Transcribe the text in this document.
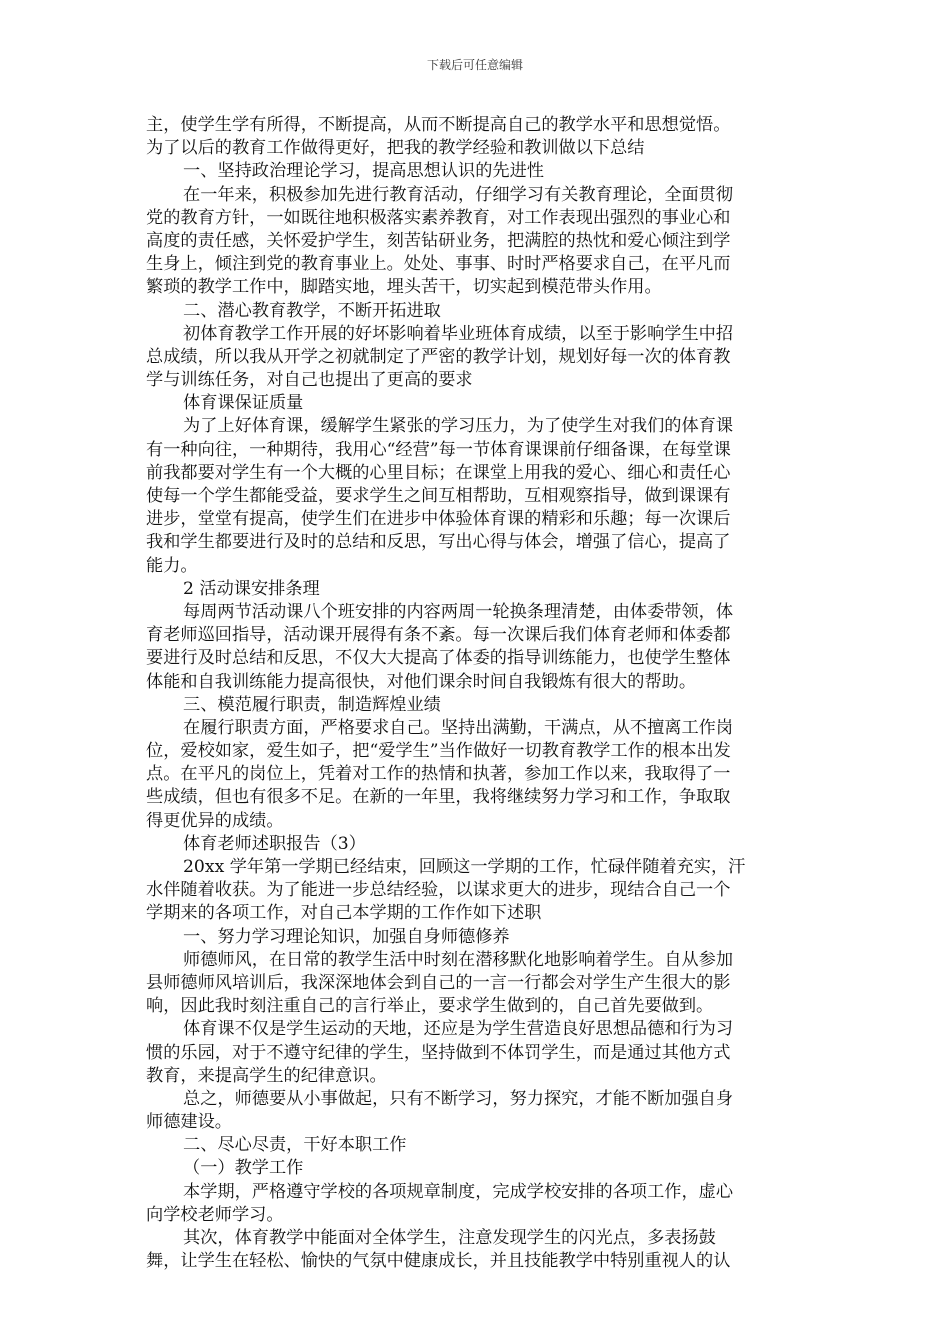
下载后可任意编辑
主，使学生学有所得，不断提高，从而不断提高自己的教学水平和思想觉悟。
为了以后的教育工作做得更好，把我的教学经验和教训做以下总结
一、坚持政治理论学习，提高思想认识的先进性
在一年来，积极参加先进行教育活动，仔细学习有关教育理论，全面贯彻
党的教育方针，一如既往地积极落实素养教育，对工作表现出强烈的事业心和
高度的责任感，关怀爱护学生，刻苦钻研业务，把满腔的热忱和爱心倾注到学
生身上，倾注到党的教育事业上。处处、事事、时时严格要求自己，在平凡而
繁琐的教学工作中，脚踏实地，埋头苦干，切实起到模范带头作用。
二、潜心教育教学，不断开拓进取
初体育教学工作开展的好坏影响着毕业班体育成绩，以至于影响学生中招
总成绩，所以我从开学之初就制定了严密的教学计划，规划好每一次的体育教
学与训练任务，对自己也提出了更高的要求
体育课保证质量
为了上好体育课，缓解学生紧张的学习压力，为了使学生对我们的体育课
有一种向往，一种期待，我用心“经营”每一节体育课课前仔细备课，在每堂课
前我都要对学生有一个大概的心里目标；在课堂上用我的爱心、细心和责任心
使每一个学生都能受益，要求学生之间互相帮助，互相观察指导，做到课课有
进步，堂堂有提高，使学生们在进步中体验体育课的精彩和乐趣；每一次课后
我和学生都要进行及时的总结和反思，写出心得与体会，增强了信心，提高了
能力。
2 活动课安排条理
每周两节活动课八个班安排的内容两周一轮换条理清楚，由体委带领，体
育老师巡回指导，活动课开展得有条不紊。每一次课后我们体育老师和体委都
要进行及时总结和反思，不仅大大提高了体委的指导训练能力，也使学生整体
体能和自我训练能力提高很快，对他们课余时间自我锻炼有很大的帮助。
三、模范履行职责，制造辉煌业绩
在履行职责方面，严格要求自己。坚持出满勤，干满点，从不擅离工作岗
位，爱校如家，爱生如子，把“爱学生”当作做好一切教育教学工作的根本出发
点。在平凡的岗位上，凭着对工作的热情和执著，参加工作以来，我取得了一
些成绩，但也有很多不足。在新的一年里，我将继续努力学习和工作，争取取
得更优异的成绩。
体育老师述职报告（3）
20xx 学年第一学期已经结束，回顾这一学期的工作，忙碌伴随着充实，汗
水伴随着收获。为了能进一步总结经验，以谋求更大的进步，现结合自己一个
学期来的各项工作，对自己本学期的工作作如下述职
一、努力学习理论知识，加强自身师德修养
师德师风，在日常的教学生活中时刻在潜移默化地影响着学生。自从参加
县师德师风培训后，我深深地体会到自己的一言一行都会对学生产生很大的影
响，因此我时刻注重自己的言行举止，要求学生做到的，自己首先要做到。
体育课不仅是学生运动的天地，还应是为学生营造良好思想品德和行为习
惯的乐园，对于不遵守纪律的学生，坚持做到不体罚学生，而是通过其他方式
教育，来提高学生的纪律意识。
总之，师德要从小事做起，只有不断学习，努力探究，才能不断加强自身
师德建设。
二、尽心尽责，干好本职工作
（一）教学工作
本学期，严格遵守学校的各项规章制度，完成学校安排的各项工作，虚心
向学校老师学习。
其次，体育教学中能面对全体学生，注意发现学生的闪光点，多表扬鼓
舞，让学生在轻松、愉快的气氛中健康成长，并且技能教学中特别重视人的认
